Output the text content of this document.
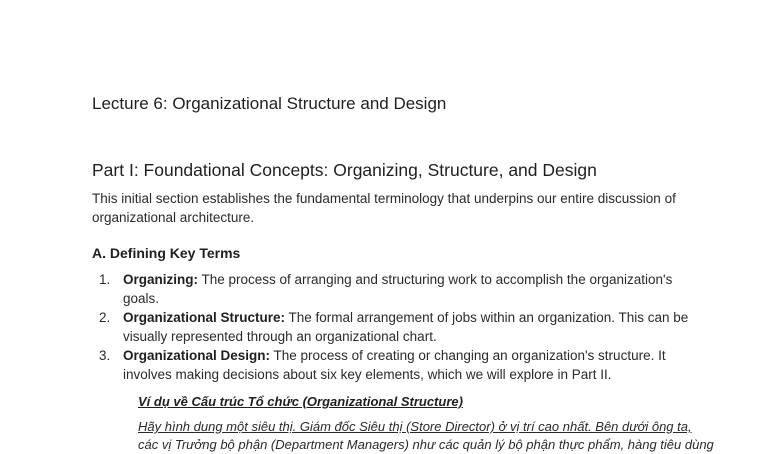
Lecture 6: Organizational Structure and Design
Part I: Foundational Concepts: Organizing, Structure, and Design
This initial section establishes the fundamental terminology that underpins our entire discussion of organizational architecture.
A. Defining Key Terms
1. Organizing: The process of arranging and structuring work to accomplish the organization's goals.
2. Organizational Structure: The formal arrangement of jobs within an organization. This can be visually represented through an organizational chart.
3. Organizational Design: The process of creating or changing an organization's structure. It involves making decisions about six key elements, which we will explore in Part II.
Ví dụ về Cấu trúc Tổ chức (Organizational Structure)
Hãy hình dung một siêu thị. Giám đốc Siêu thị (Store Director) ở vị trí cao nhất. Bên dưới ông ta,
các vị Trưởng bộ phận (Department Managers) như các quản lý bộ phận thực phẩm, hàng tiêu dùng
